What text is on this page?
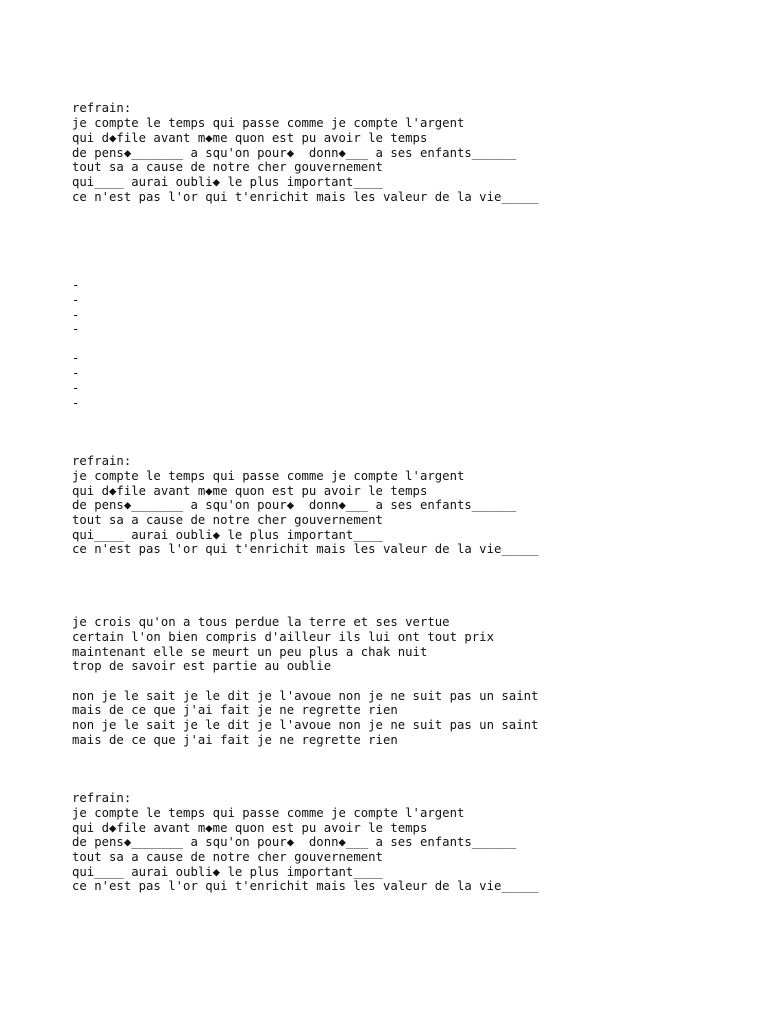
refrain:

je compte le temps qui passe comme je compte l'argent

qui d◆file avant m◆me quon est pu avoir le temps

de pens◆_______ a squ'on pour◆  donn◆___ a ses enfants______

tout sa a cause de notre cher gouvernement

qui____ aurai oubli◆ le plus important____

ce n'est pas l'or qui t'enrichit mais les valeur de la vie_____

-

-

-

-

-

-

-

-

refrain:

je compte le temps qui passe comme je compte l'argent

qui d◆file avant m◆me quon est pu avoir le temps

de pens◆_______ a squ'on pour◆  donn◆___ a ses enfants______

tout sa a cause de notre cher gouvernement

qui____ aurai oubli◆ le plus important____

ce n'est pas l'or qui t'enrichit mais les valeur de la vie_____

je crois qu'on a tous perdue la terre et ses vertue

certain l'on bien compris d'ailleur ils lui ont tout prix

maintenant elle se meurt un peu plus a chak nuit

trop de savoir est partie au oublie

non je le sait je le dit je l'avoue non je ne suit pas un saint

mais de ce que j'ai fait je ne regrette rien

non je le sait je le dit je l'avoue non je ne suit pas un saint

mais de ce que j'ai fait je ne regrette rien

refrain:

je compte le temps qui passe comme je compte l'argent

qui d◆file avant m◆me quon est pu avoir le temps

de pens◆_______ a squ'on pour◆  donn◆___ a ses enfants______

tout sa a cause de notre cher gouvernement

qui____ aurai oubli◆ le plus important____

ce n'est pas l'or qui t'enrichit mais les valeur de la vie_____
